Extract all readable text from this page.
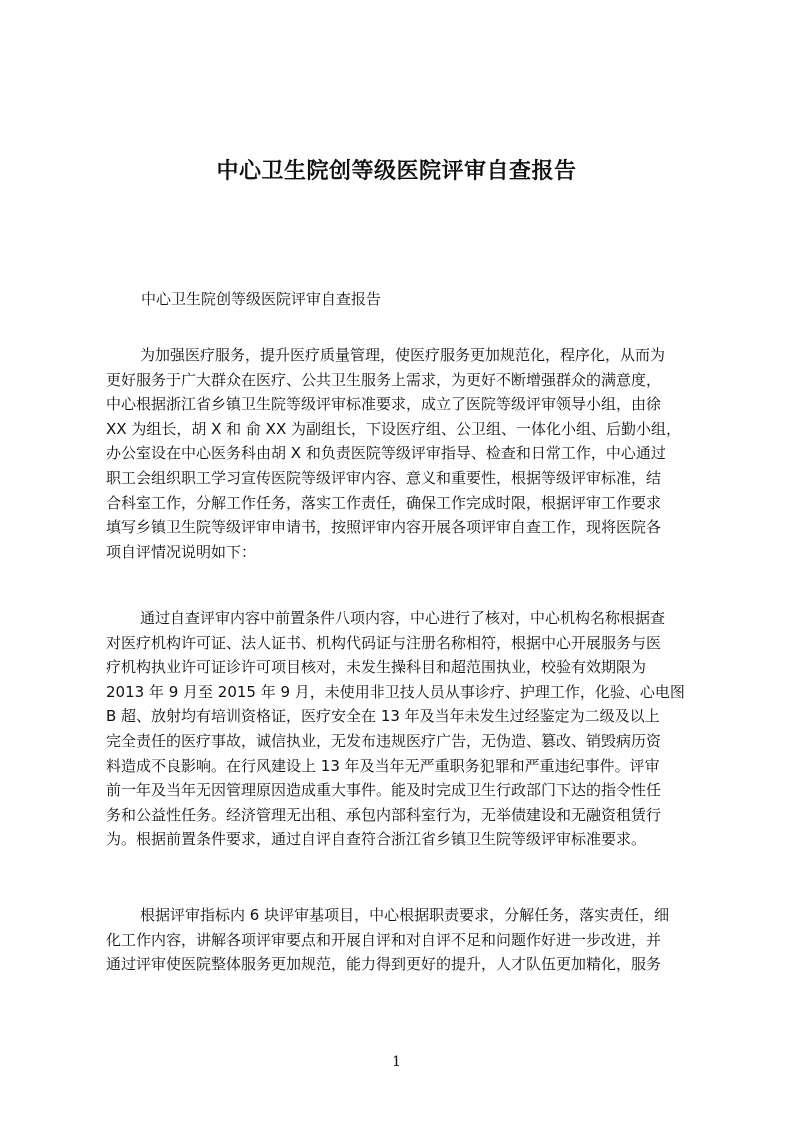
中心卫生院创等级医院评审自查报告
中心卫生院创等级医院评审自查报告
为加强医疗服务，提升医疗质量管理，使医疗服务更加规范化，程序化，从而为
更好服务于广大群众在医疗、公共卫生服务上需求，为更好不断增强群众的满意度，
中心根据浙江省乡镇卫生院等级评审标准要求，成立了医院等级评审领导小组，由徐
XX 为组长，胡 X 和 俞 XX 为副组长，下设医疗组、公卫组、一体化小组、后勤小组，
办公室设在中心医务科由胡 X 和负责医院等级评审指导、检查和日常工作，中心通过
职工会组织职工学习宣传医院等级评审内容、意义和重要性，根据等级评审标准，结
合科室工作，分解工作任务，落实工作责任，确保工作完成时限，根据评审工作要求
填写乡镇卫生院等级评审申请书，按照评审内容开展各项评审自查工作，现将医院各
项自评情况说明如下：
通过自查评审内容中前置条件八项内容，中心进行了核对，中心机构名称根据查
对医疗机构许可证、法人证书、机构代码证与注册名称相符，根据中心开展服务与医
疗机构执业许可证诊许可项目核对，未发生操科目和超范围执业，校验有效期限为
2013 年 9 月至 2015 年 9 月，未使用非卫技人员从事诊疗、护理工作，化验、心电图
B 超、放射均有培训资格证，医疗安全在 13 年及当年未发生过经鉴定为二级及以上
完全责任的医疗事故，诚信执业，无发布违规医疗广告，无伪造、篡改、销毁病历资
料造成不良影响。在行风建设上 13 年及当年无严重职务犯罪和严重违纪事件。评审
前一年及当年无因管理原因造成重大事件。能及时完成卫生行政部门下达的指令性任
务和公益性任务。经济管理无出租、承包内部科室行为，无举债建设和无融资租赁行
为。根据前置条件要求，通过自评自查符合浙江省乡镇卫生院等级评审标准要求。
根据评审指标内 6 块评审基项目，中心根据职责要求，分解任务，落实责任，细
化工作内容，讲解各项评审要点和开展自评和对自评不足和问题作好进一步改进，并
通过评审使医院整体服务更加规范，能力得到更好的提升，人才队伍更加精化，服务
1
